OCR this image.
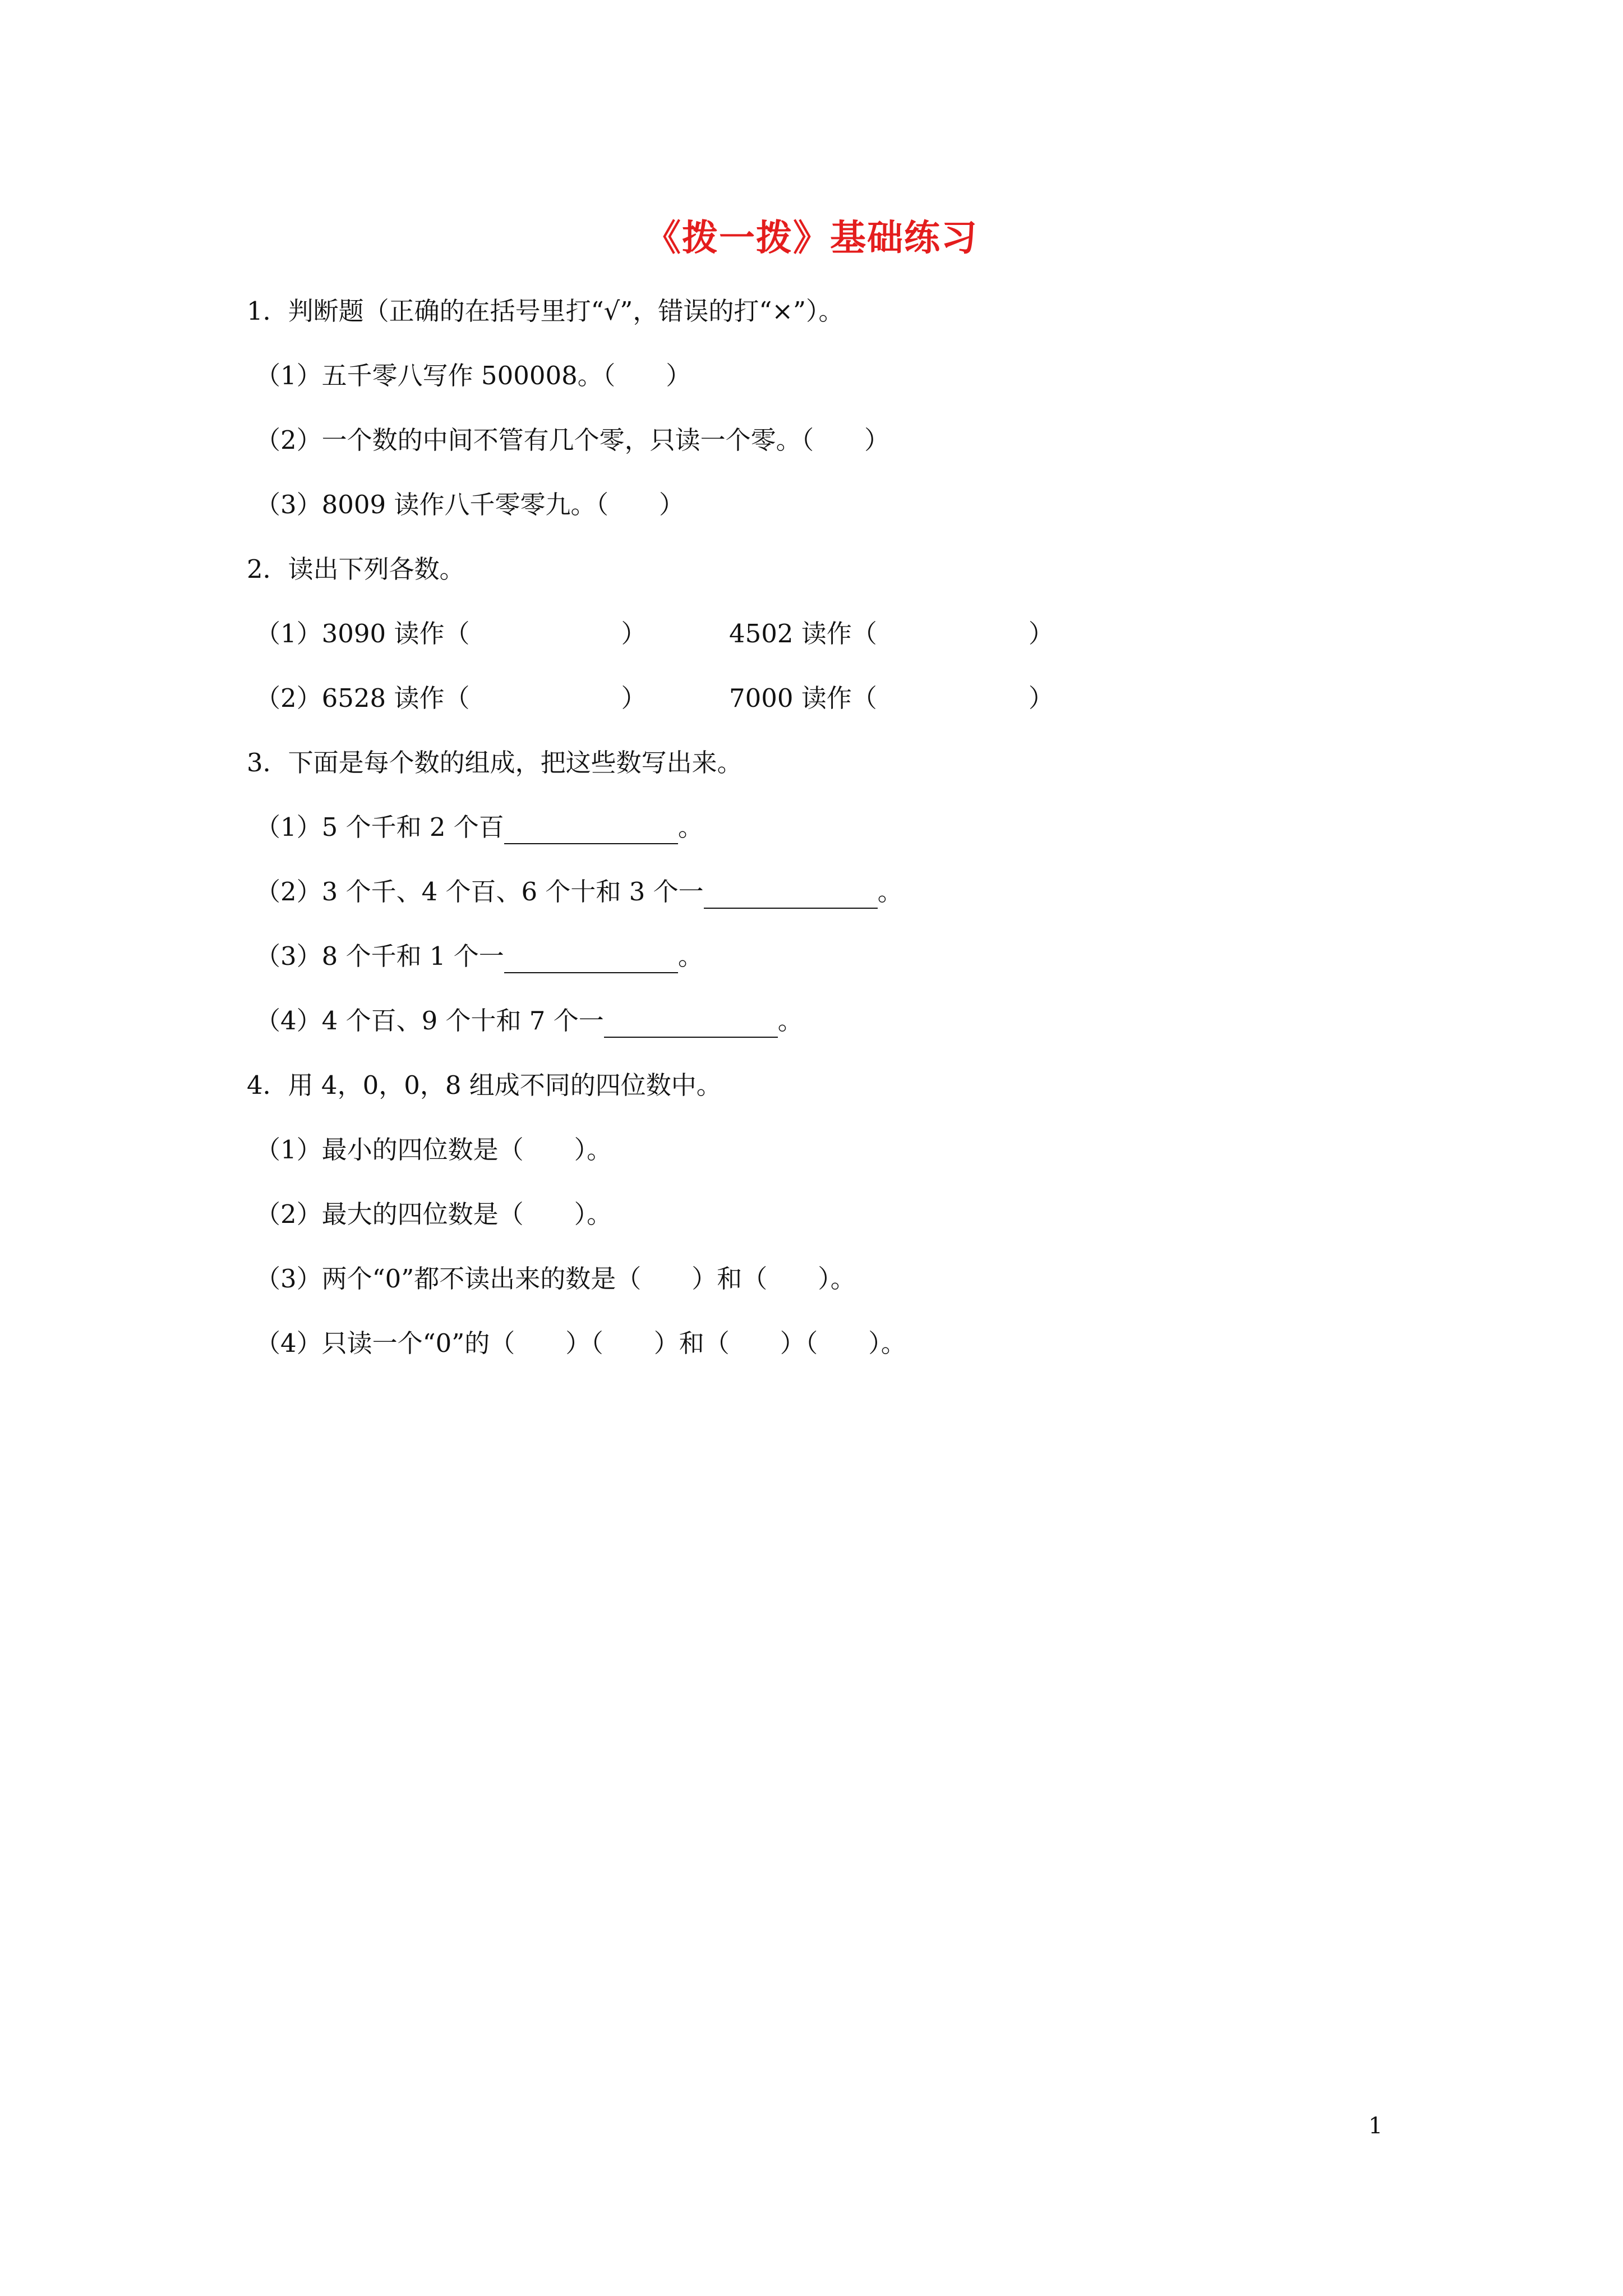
《拨一拨》基础练习
1．判断题（正确的在括号里打“√”，错误的打“×”）。
（1）五千零八写作 500008。（　　）
（2）一个数的中间不管有几个零，只读一个零。（　　）
（3）8009 读作八千零零九。（　　）
2．读出下列各数。
（1）3090 读作（　　　　　　）	4502 读作（　　　　　　）
（2）6528 读作（　　　　　　）	7000 读作（　　　　　　）
3．下面是每个数的组成，把这些数写出来。
（1）5 个千和 2 个百	。
（2）3 个千、4 个百、6 个十和 3 个一	。
（3）8 个千和 1 个一	。
（4）4 个百、9 个十和 7 个一	。
4．用 4，0，0，8 组成不同的四位数中。
（1）最小的四位数是（　　）。
（2）最大的四位数是（　　）。
（3）两个“0”都不读出来的数是（　　）和（　　）。
（4）只读一个“0”的（　　）（　　）和（　　）（　　）。
1
